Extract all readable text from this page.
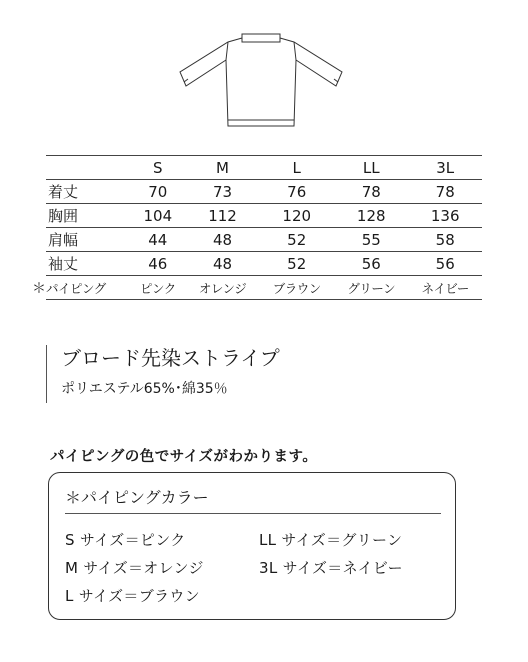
	S	M	L	LL	3L
着丈	70	73	76	78	78
胸囲	104	112	120	128	136
肩幅	44	48	52	55	58
袖丈	46	48	52	56	56

＊ パイピング	ピンク	オレンジ	ブラウン	グリーン	ネイビー
ブロード先染ストライプ
ポリエステル65%･綿35％
パイピングの色でサイズがわかります。
＊パイピングカラー
S サイズ＝ピンク	LL サイズ＝グリーン
M サイズ＝オレンジ	3L サイズ＝ネイビー
L サイズ＝ブラウン
